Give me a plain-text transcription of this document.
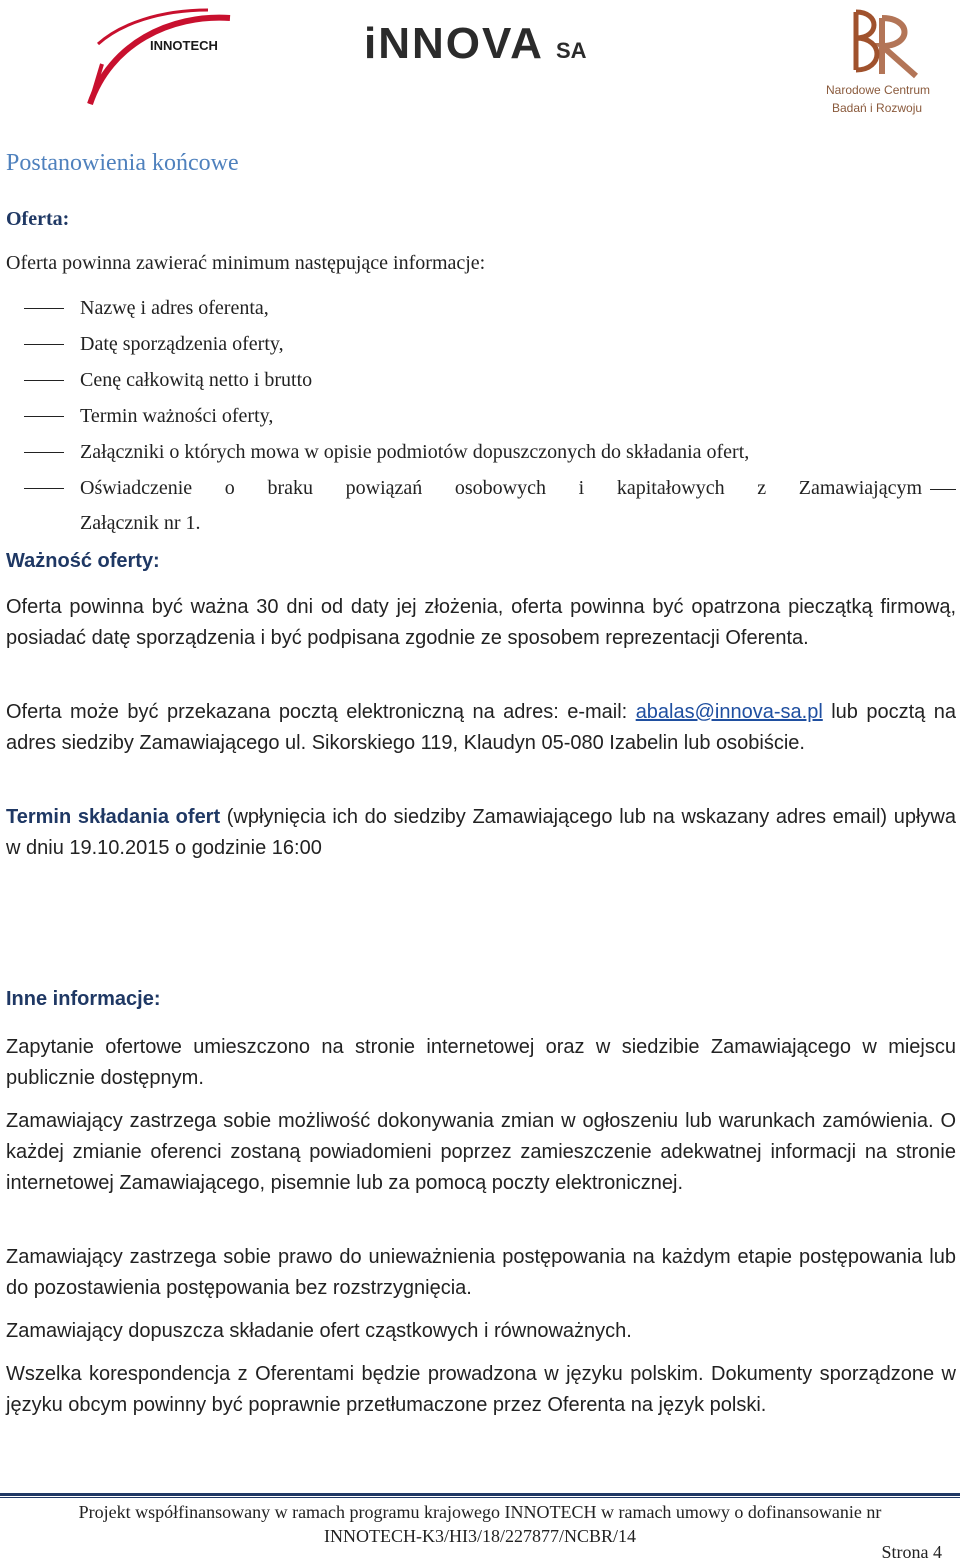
INNOTECH	iNNOVA SA
Narodowe Centrum
Badań i Rozwoju
Postanowienia końcowe
Oferta:

Oferta powinna zawierać minimum następujące informacje:

Nazwę i adres oferenta,
Datę sporządzenia oferty,
Cenę całkowitą netto i brutto
Termin ważności oferty,
Załączniki o których mowa w opisie podmiotów dopuszczonych do składania ofert,
Oświadczenie o braku powiązań osobowych i kapitałowych z Zamawiającym
Załącznik nr 1.
Ważność oferty:

Oferta powinna być ważna 30 dni od daty jej złożenia, oferta powinna być opatrzona pieczątką firmową, posiadać datę sporządzenia i być podpisana zgodnie ze sposobem reprezentacji Oferenta.

Oferta może być przekazana pocztą elektroniczną na adres: e-mail: abalas@innova-sa.pl lub pocztą na adres siedziby Zamawiającego ul. Sikorskiego 119, Klaudyn 05-080 Izabelin lub osobiście.

Termin składania ofert (wpłynięcia ich do siedziby Zamawiającego lub na wskazany adres email) upływa w dniu 19.10.2015 o godzinie 16:00

Inne informacje:

Zapytanie ofertowe umieszczono na stronie internetowej oraz w siedzibie Zamawiającego w miejscu publicznie dostępnym.

Zamawiający zastrzega sobie możliwość dokonywania zmian w ogłoszeniu lub warunkach zamówienia. O każdej zmianie oferenci zostaną powiadomieni poprzez zamieszczenie adekwatnej informacji na stronie internetowej Zamawiającego, pisemnie lub za pomocą poczty elektronicznej.

Zamawiający zastrzega sobie prawo do unieważnienia postępowania na każdym etapie postępowania lub do pozostawienia postępowania bez rozstrzygnięcia.

Zamawiający dopuszcza składanie ofert cząstkowych i równoważnych.

Wszelka korespondencja z Oferentami będzie prowadzona w języku polskim. Dokumenty sporządzone w języku obcym powinny być poprawnie przetłumaczone przez Oferenta na język polski.

Projekt współfinansowany w ramach programu krajowego INNOTECH w ramach umowy o dofinansowanie nr
INNOTECH-K3/HI3/18/227877/NCBR/14

Strona 4
